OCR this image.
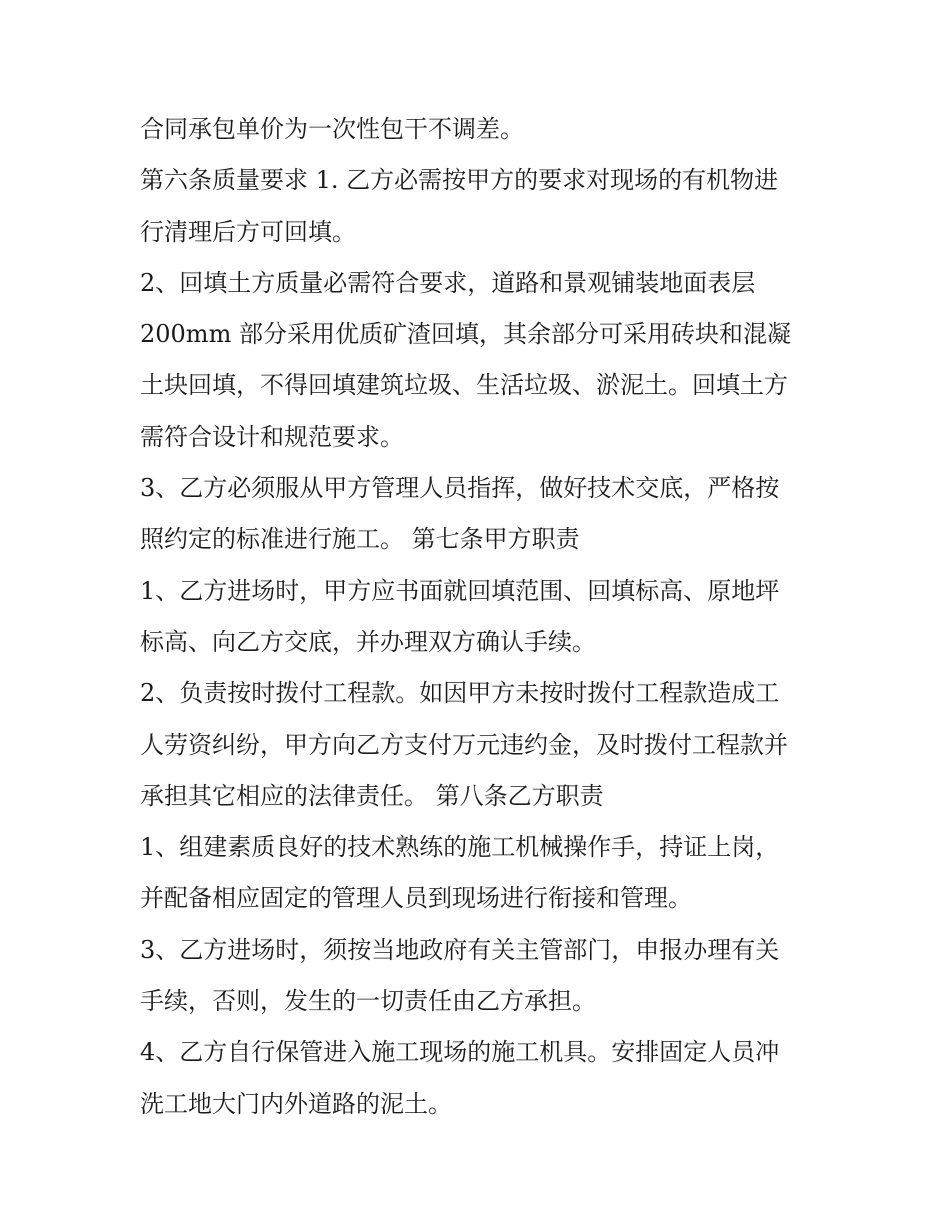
合同承包单价为一次性包干不调差。
第六条质量要求 1. 乙方必需按甲方的要求对现场的有机物进
行清理后方可回填。
2、回填土方质量必需符合要求，道路和景观铺装地面表层
200mm 部分采用优质矿渣回填，其余部分可采用砖块和混凝
土块回填，不得回填建筑垃圾、生活垃圾、淤泥土。回填土方
需符合设计和规范要求。
3、乙方必须服从甲方管理人员指挥，做好技术交底，严格按
照约定的标准进行施工。 第七条甲方职责
1、乙方进场时，甲方应书面就回填范围、回填标高、原地坪
标高、向乙方交底，并办理双方确认手续。
2、负责按时拨付工程款。如因甲方未按时拨付工程款造成工
人劳资纠纷，甲方向乙方支付万元违约金，及时拨付工程款并
承担其它相应的法律责任。 第八条乙方职责
1、组建素质良好的技术熟练的施工机械操作手，持证上岗，
并配备相应固定的管理人员到现场进行衔接和管理。
3、乙方进场时，须按当地政府有关主管部门，申报办理有关
手续，否则，发生的一切责任由乙方承担。
4、乙方自行保管进入施工现场的施工机具。安排固定人员冲
洗工地大门内外道路的泥土。
